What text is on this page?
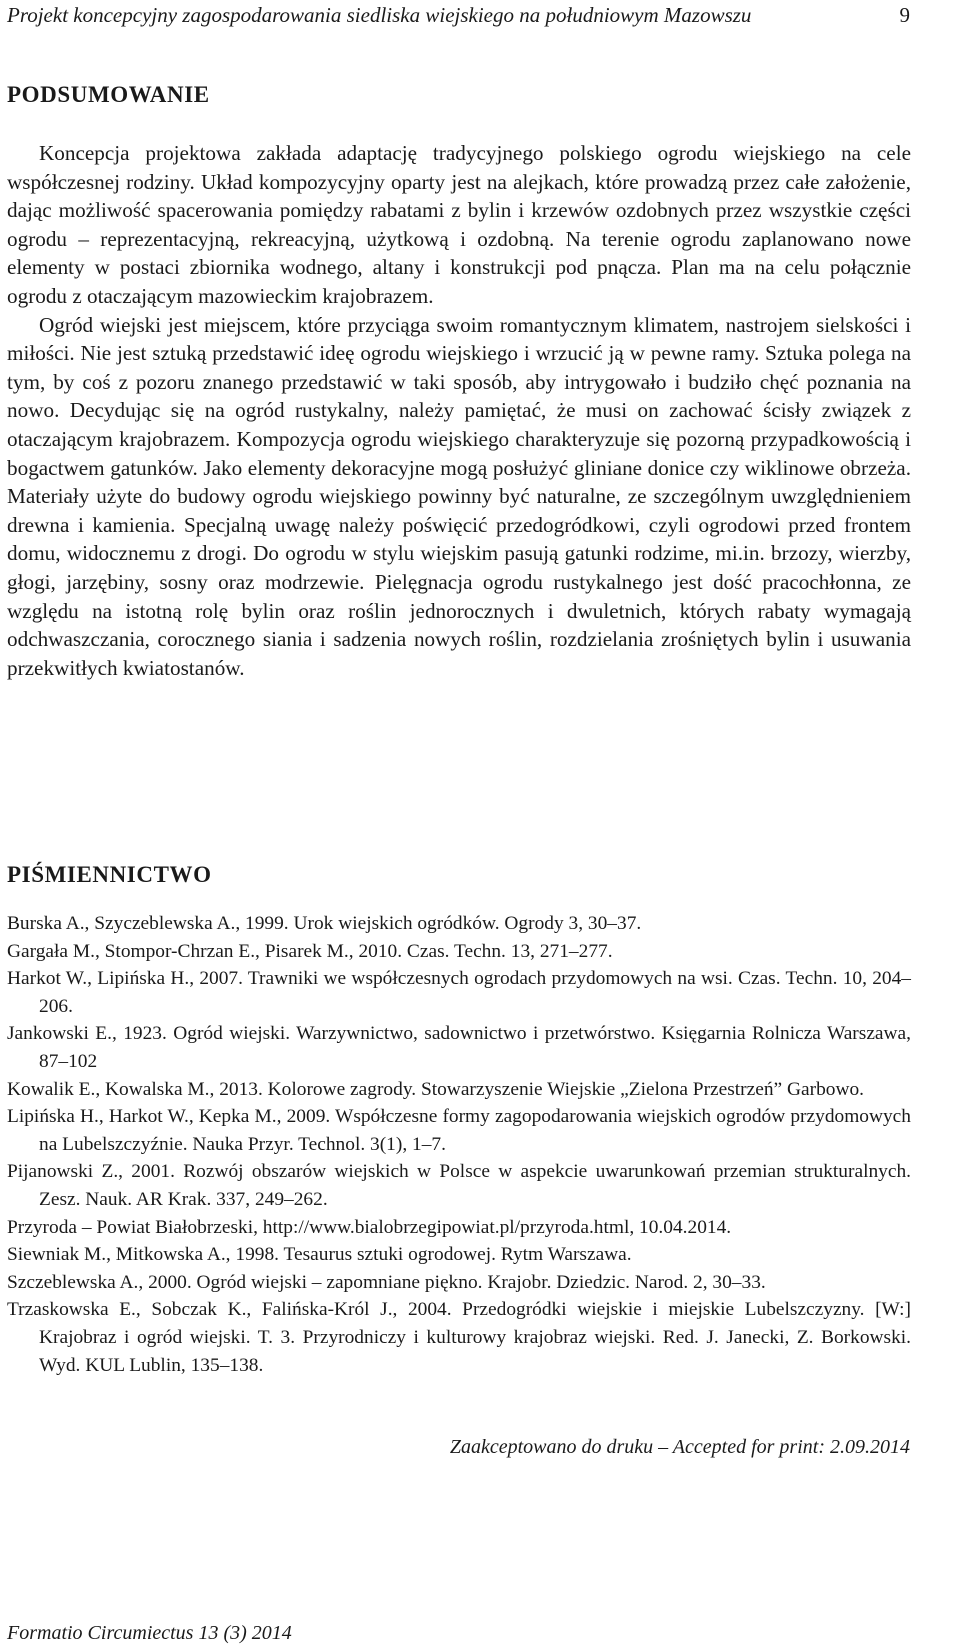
Projekt koncepcyjny zagospodarowania siedliska wiejskiego na południowym Mazowszu	9
PODSUMOWANIE

Koncepcja projektowa zakłada adaptację tradycyjnego polskiego ogrodu wiejskiego na cele współczesnej rodziny. Układ kompozycyjny oparty jest na alejkach, które prowadzą przez całe założenie, dając możliwość spacerowania pomiędzy rabatami z bylin i krzewów ozdobnych przez wszystkie części ogrodu – reprezentacyjną, rekreacyjną, użytkową i ozdobną. Na terenie ogrodu zaplanowano nowe elementy w postaci zbiornika wodnego, altany i konstrukcji pod pnącza. Plan ma na celu połącznie ogrodu z otaczającym mazowieckim krajobrazem.

Ogród wiejski jest miejscem, które przyciąga swoim romantycznym klimatem, nastrojem sielskości i miłości. Nie jest sztuką przedstawić ideę ogrodu wiejskiego i wrzucić ją w pewne ramy. Sztuka polega na tym, by coś z pozoru znanego przedstawić w taki sposób, aby intrygowało i budziło chęć poznania na nowo. Decydując się na ogród rustykalny, należy pamiętać, że musi on zachować ścisły związek z otaczającym krajobrazem. Kompozycja ogrodu wiejskiego charakteryzuje się pozorną przypadkowością i bogactwem gatunków. Jako elementy dekoracyjne mogą posłużyć gliniane donice czy wiklinowe obrzeża. Materiały użyte do budowy ogrodu wiejskiego powinny być naturalne, ze szczególnym uwzględnieniem drewna i kamienia. Specjalną uwagę należy poświęcić przedogródkowi, czyli ogrodowi przed frontem domu, widocznemu z drogi. Do ogrodu w stylu wiejskim pasują gatunki rodzime, mi.in. brzozy, wierzby, głogi, jarzębiny, sosny oraz modrzewie. Pielęgnacja ogrodu rustykalnego jest dość pracochłonna, ze względu na istotną rolę bylin oraz roślin jednorocznych i dwuletnich, których rabaty wymagają odchwaszczania, corocznego siania i sadzenia nowych roślin, rozdzielania zrośniętych bylin i usuwania przekwitłych kwiatostanów.

PIŚMIENNICTWO
Burska A., Szyczeblewska A., 1999. Urok wiejskich ogródków. Ogrody 3, 30–37.
Gargała M., Stompor-Chrzan E., Pisarek M., 2010. Czas. Techn. 13, 271–277.
Harkot W., Lipińska H., 2007. Trawniki we współczesnych ogrodach przydomowych na wsi. Czas. Techn. 10, 204–206.
Jankowski E., 1923. Ogród wiejski. Warzywnictwo, sadownictwo i przetwórstwo. Księgarnia Rolnicza Warszawa, 87–102
Kowalik E., Kowalska M., 2013. Kolorowe zagrody. Stowarzyszenie Wiejskie „Zielona Przestrzeń” Garbowo.
Lipińska H., Harkot W., Kepka M., 2009. Współczesne formy zagopodarowania wiejskich ogrodów przydomowych na Lubelszczyźnie. Nauka Przyr. Technol. 3(1), 1–7.
Pijanowski Z., 2001. Rozwój obszarów wiejskich w Polsce w aspekcie uwarunkowań przemian strukturalnych. Zesz. Nauk. AR Krak. 337, 249–262.
Przyroda – Powiat Białobrzeski, http://www.bialobrzegipowiat.pl/przyroda.html, 10.04.2014.
Siewniak M., Mitkowska A., 1998. Tesaurus sztuki ogrodowej. Rytm Warszawa.
Szczeblewska A., 2000. Ogród wiejski – zapomniane piękno. Krajobr. Dziedzic. Narod. 2, 30–33.
Trzaskowska E., Sobczak K., Falińska-Król J., 2004. Przedogródki wiejskie i miejskie Lubelszczyzny. [W:] Krajobraz i ogród wiejski. T. 3. Przyrodniczy i kulturowy krajobraz wiejski. Red. J. Janecki, Z. Borkowski. Wyd. KUL Lublin, 135–138.
Zaakceptowano do druku – Accepted for print: 2.09.2014
Formatio Circumiectus 13 (3) 2014
